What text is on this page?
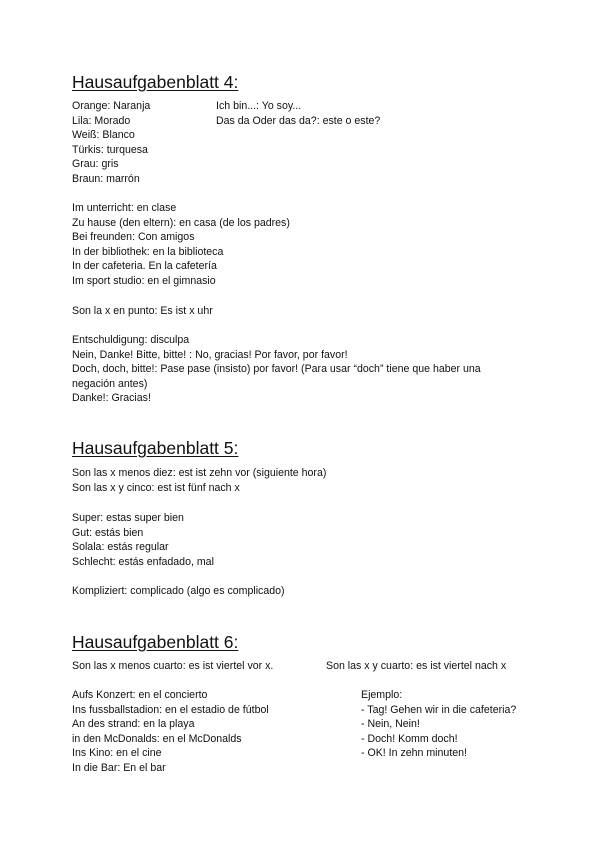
Hausaufgabenblatt 4:
Orange: Naranja
Lila: Morado
Weiß: Blanco
Türkis: turquesa
Grau: gris
Braun: marrón
Ich bin...: Yo soy...
Das da Oder das da?: este o este?
Im unterricht: en clase
Zu hause (den eltern): en casa (de los padres)
Bei freunden: Con amigos
In der bibliothek: en la biblioteca
In der cafeteria. En la cafetería
Im sport studio: en el gimnasio
Son la x en punto: Es ist x uhr
Entschuldigung: disculpa
Nein, Danke! Bitte, bitte! : No, gracias! Por favor, por favor!
Doch, doch, bitte!: Pase pase (insisto) por favor! (Para usar “doch” tiene que haber una
negación antes)
Danke!: Gracias!
Hausaufgabenblatt 5:
Son las x menos diez: est ist zehn vor (siguiente hora)
Son las x y cinco: est ist fünf nach x
Super: estas super bien
Gut: estás bien
Solala: estás regular
Schlecht: estás enfadado, mal
Kompliziert: complicado (algo es complicado)
Hausaufgabenblatt 6:
Son las x menos cuarto: es ist viertel vor x.	Son las x y cuarto: es ist viertel nach x
Aufs Konzert: en el concierto
Ins fussballstadion: en el estadio de fútbol
An des strand: en la playa
in den McDonalds: en el McDonalds
Ins Kino: en el cine
In die Bar: En el bar
Ejemplo:
- Tag! Gehen wir in die cafeteria?
- Nein, Nein!
- Doch! Komm doch!
- OK! In zehn minuten!
